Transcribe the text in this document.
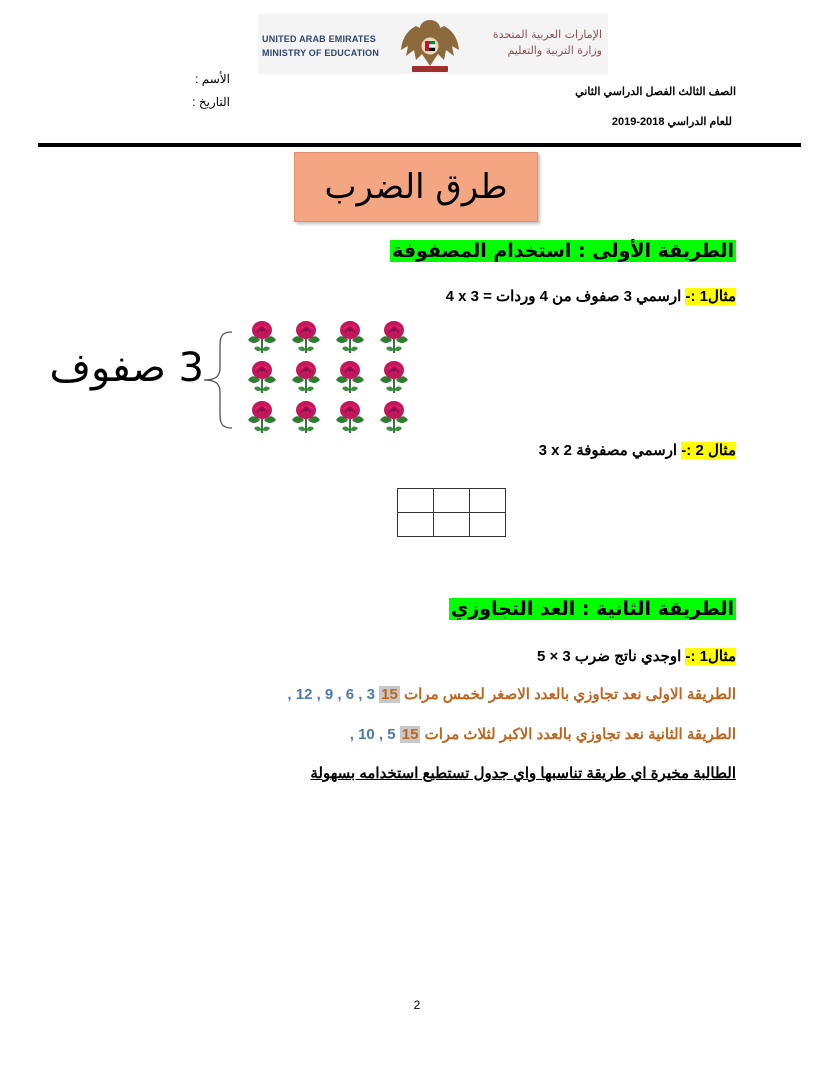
UNITED ARAB EMIRATES
MINISTRY OF EDUCATION
الإمارات العربية المتحدة
وزارة التربية والتعليم
الأسم :
التاريخ :
الصف الثالث الفصل الدراسي الثاني
للعام الدراسي 2018-2019
طرق الضرب
الطريقة الأولى : استخدام المصفوفة
مثال1 :- ارسمي 3 صفوف من 4 وردات = 4 x 3
3 صفوف
مثال 2 :- ارسمي مصفوفة 3 x 2

الطريقة الثانية : العد التجاوزي
مثال1 :- اوجدي ناتج ضرب 3 × 5
الطريقة الاولى نعد تجاوزي بالعدد الاصغر لخمس مرات , 12 , 9 , 6 , 3 15
الطريقة الثانية نعد تجاوزي بالعدد الاكبر لثلاث مرات , 10 , 5 15
الطالبة مخيرة اي طريقة تناسبها واي جدول تستطيع استخدامه بسهولة
2
